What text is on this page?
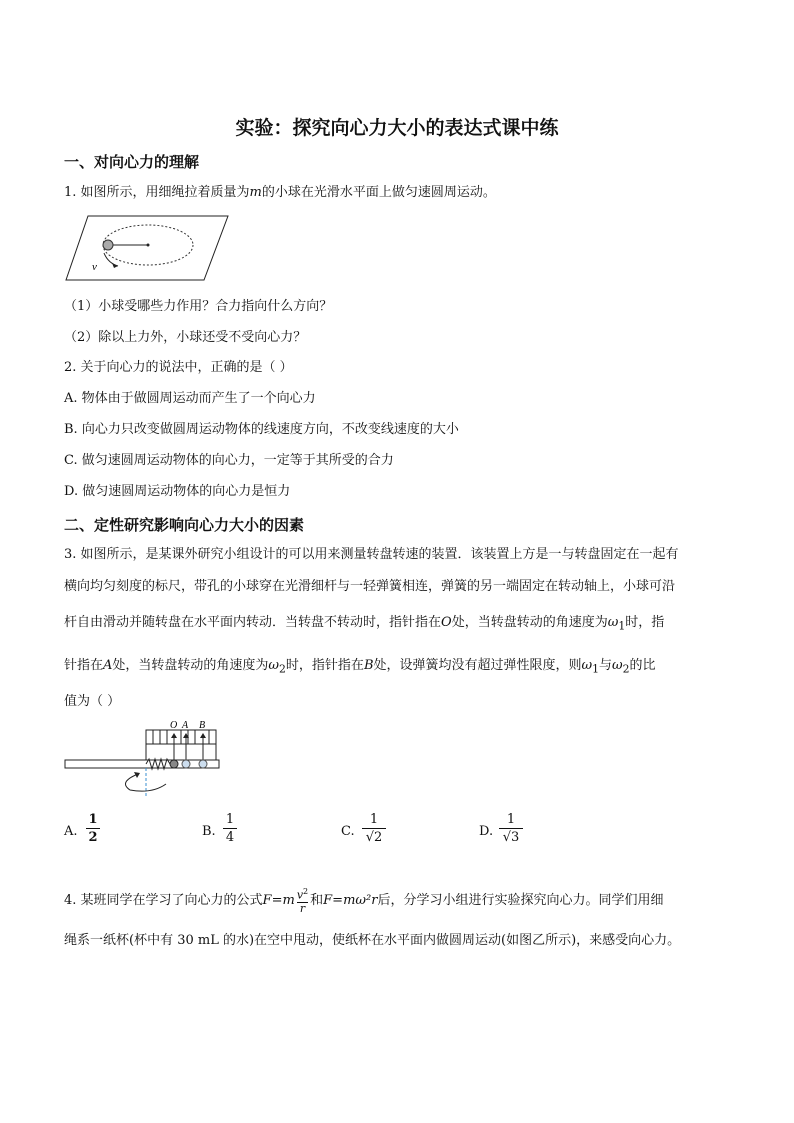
实验：探究向心力大小的表达式课中练
一、对向心力的理解
1. 如图所示，用细绳拉着质量为m的小球在光滑水平面上做匀速圆周运动。
v
（1）小球受哪些力作用？合力指向什么方向？
（2）除以上力外，小球还受不受向心力？
2. 关于向心力的说法中，正确的是（ ）
A. 物体由于做圆周运动而产生了一个向心力
B. 向心力只改变做圆周运动物体的线速度方向，不改变线速度的大小
C. 做匀速圆周运动物体的向心力，一定等于其所受的合力
D. 做匀速圆周运动物体的向心力是恒力
二、定性研究影响向心力大小的因素
3. 如图所示，是某课外研究小组设计的可以用来测量转盘转速的装置．该装置上方是一与转盘固定在一起有
横向均匀刻度的标尺，带孔的小球穿在光滑细杆与一轻弹簧相连，弹簧的另一端固定在转动轴上，小球可沿
杆自由滑动并随转盘在水平面内转动．当转盘不转动时，指针指在O处，当转盘转动的角速度为$\omega_1$时，指
针指在A处，当转盘转动的角速度为$\omega_2$时，指针指在B处，设弹簧均没有超过弹性限度，则$\omega_1$与$\omega_2$的比
值为（ ）
O A B
A.
1
2	B.
1
4	C.
1
√2	D.
1
√3
4. 某班同学在学习了向心力的公式$F=m \frac{v^2}{r}$ 和F=mω²r后，分学习小组进行实验探究向心力。同学们用细
绳系一纸杯(杯中有 30 mL 的水)在空中甩动，使纸杯在水平面内做圆周运动(如图乙所示)，来感受向心力。
